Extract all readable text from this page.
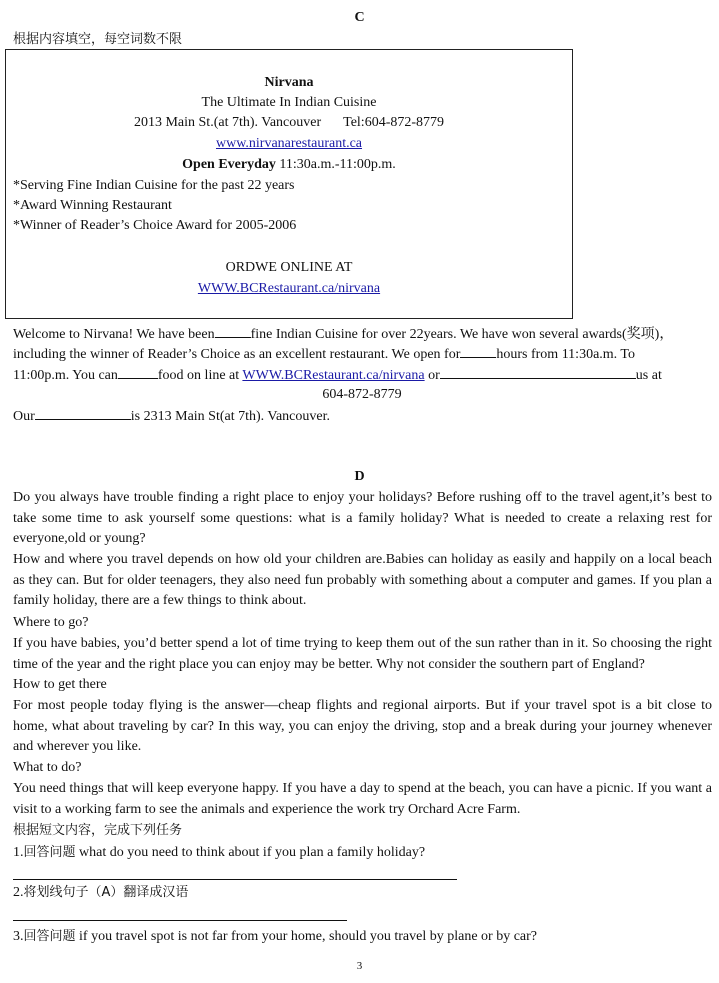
C
根据内容填空，每空词数不限
Nirvana
The Ultimate In Indian Cuisine
2013 Main St.(at 7th). Vancouver Tel:604-872-8779
www.nirvanarestaurant.ca
Open Everyday 11:30a.m.-11:00p.m.
*Serving Fine Indian Cuisine for the past 22 years
*Award Winning Restaurant
*Winner of Reader’s Choice Award for 2005-2006
ORDWE ONLINE AT
WWW.BCRestaurant.ca/nirvana
Welcome to Nirvana! We have been	fine Indian Cuisine for over 22years. We have won several awards(奖项)，
including the winner of Reader’s Choice as an excellent restaurant. We open for	hours from 11:30a.m. To
11:00p.m. You can	food on line at WWW.BCRestaurant.ca/nirvana or	us at
604-872-8779
Our	is 2313 Main St(at 7th). Vancouver.
D
Do you always have trouble finding a right place to enjoy your holidays? Before rushing off to the travel agent,it’s best to take some time to ask yourself some questions: what is a family holiday? What is needed to create a relaxing rest for everyone,old or young?
How and where you travel depends on how old your children are.Babies can holiday as easily and happily on a local beach as they can. But for older teenagers, they also need fun probably with something about a computer and games. If you plan a family holiday, there are a few things to think about.
Where to go?
If you have babies, you’d better spend a lot of time trying to keep them out of the sun rather than in it. So choosing the right time of the year and the right place you can enjoy may be better. Why not consider the southern part of England?
How to get there
For most people today flying is the answer—cheap flights and regional airports. But if your travel spot is a bit close to home, what about traveling by car? In this way, you can enjoy the driving, stop and a break during your journey whenever and wherever you like.
What to do?
You need things that will keep everyone happy. If you have a day to spend at the beach, you can have a picnic. If you want a visit to a working farm to see the animals and experience the work try Orchard Acre Farm.
根据短文内容，完成下列任务
1.回答问题 what do you need to think about if you plan a family holiday?
2.将划线句子（A）翻译成汉语
3.回答问题 if you travel spot is not far from your home, should you travel by plane or by car?
3
